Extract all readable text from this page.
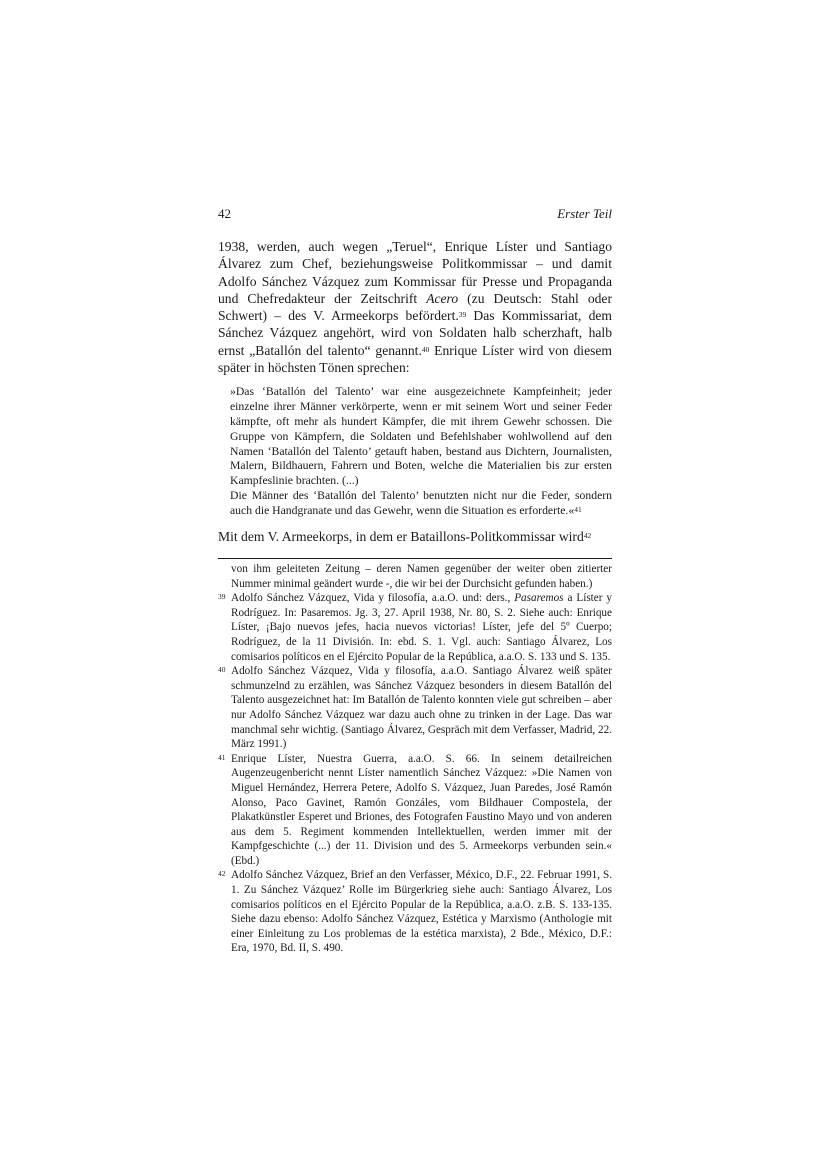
42	Erster Teil

1938, werden, auch wegen „Teruel“, Enrique Líster und Santiago Álvarez zum Chef, beziehungsweise Politkommissar – und damit Adolfo Sánchez Vázquez zum Kommissar für Presse und Propaganda und Chefredakteur der Zeitschrift Acero (zu Deutsch: Stahl oder Schwert) – des V. Armeekorps befördert.$^{39}$ Das Kommissariat, dem Sánchez Vázquez angehört, wird von Soldaten halb scherzhaft, halb ernst „Batallón del talento“ genannt.$^{40}$ Enrique Líster wird von diesem später in höchsten Tönen sprechen:

»Das ‘Batallón del Talento’ war eine ausgezeichnete Kampfeinheit; jeder einzelne ihrer Männer verkörperte, wenn er mit seinem Wort und seiner Feder kämpfte, oft mehr als hundert Kämpfer, die mit ihrem Gewehr schossen. Die Gruppe von Kämpfern, die Soldaten und Befehlshaber wohlwollend auf den Namen ‘Batallón del Talento’ getauft haben, bestand aus Dichtern, Journalisten, Malern, Bildhauern, Fahrern und Boten, welche die Materialien bis zur ersten Kampfeslinie brachten. (...)

Die Männer des ‘Batallón del Talento’ benutzten nicht nur die Feder, sondern auch die Handgranate und das Gewehr, wenn die Situation es erforderte.«$^{41}$

Mit dem V. Armeekorps, in dem er Bataillons-Politkommissar wird$^{42}$

von ihm geleiteten Zeitung – deren Namen gegenüber der weiter oben zitierter Nummer minimal geändert wurde -, die wir bei der Durchsicht gefunden haben.)

39 Adolfo Sánchez Vázquez, Vida y filosofía, a.a.O. und: ders., Pasaremos a Líster y Rodríguez. In: Pasaremos. Jg. 3, 27. April 1938, Nr. 80, S. 2. Siehe auch: Enrique Líster, ¡Bajo nuevos jefes, hacia nuevos victorias! Líster, jefe del 5º Cuerpo; Rodríguez, de la 11 División. In: ebd. S. 1. Vgl. auch: Santiago Álvarez, Los comisarios políticos en el Ejército Popular de la República, a.a.O. S. 133 und S. 135.

40 Adolfo Sánchez Vázquez, Vida y filosofía, a.a.O. Santiago Álvarez weiß später schmunzelnd zu erzählen, was Sánchez Vázquez besonders in diesem Batallón del Talento ausgezeichnet hat: Im Batallón de Talento konnten viele gut schreiben – aber nur Adolfo Sánchez Vázquez war dazu auch ohne zu trinken in der Lage. Das war manchmal sehr wichtig. (Santiago Álvarez, Gespräch mit dem Verfasser, Madrid, 22. März 1991.)

41 Enrique Líster, Nuestra Guerra, a.a.O. S. 66. In seinem detailreichen Augenzeugenbericht nennt Líster namentlich Sánchez Vázquez: »Die Namen von Miguel Hernández, Herrera Petere, Adolfo S. Vázquez, Juan Paredes, José Ramón Alonso, Paco Gavinet, Ramón Gonzáles, vom Bildhauer Compostela, der Plakatkünstler Esperet und Briones, des Fotografen Faustino Mayo und von anderen aus dem 5. Regiment kommenden Intellektuellen, werden immer mit der Kampfgeschichte (...) der 11. Division und des 5. Armeekorps verbunden sein.« (Ebd.)

42 Adolfo Sánchez Vázquez, Brief an den Verfasser, México, D.F., 22. Februar 1991, S. 1. Zu Sánchez Vázquez’ Rolle im Bürgerkrieg siehe auch: Santiago Álvarez, Los comisarios políticos en el Ejército Popular de la República, a.a.O. z.B. S. 133-135. Siehe dazu ebenso: Adolfo Sánchez Vázquez, Estética y Marxismo (Anthologie mit einer Einleitung zu Los problemas de la estética marxista), 2 Bde., México, D.F.: Era, 1970, Bd. II, S. 490.
